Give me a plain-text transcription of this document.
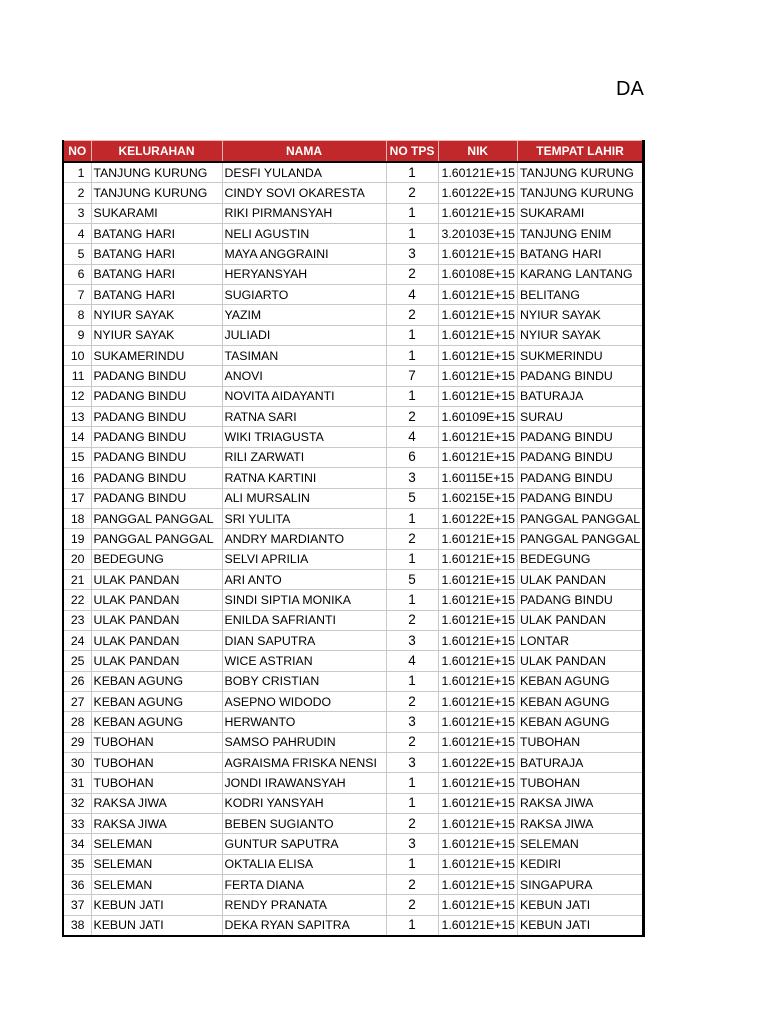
DA
NO	KELURAHAN	NAMA	NO TPS	NIK	TEMPAT LAHIR
1	TANJUNG KURUNG	DESFI YULANDA	1	1.60121E+15	TANJUNG KURUNG
2	TANJUNG KURUNG	CINDY SOVI OKARESTA	2	1.60122E+15	TANJUNG KURUNG
3	SUKARAMI	RIKI PIRMANSYAH	1	1.60121E+15	SUKARAMI
4	BATANG HARI	NELI AGUSTIN	1	3.20103E+15	TANJUNG ENIM
5	BATANG HARI	MAYA ANGGRAINI	3	1.60121E+15	BATANG HARI
6	BATANG HARI	HERYANSYAH	2	1.60108E+15	KARANG LANTANG
7	BATANG HARI	SUGIARTO	4	1.60121E+15	BELITANG
8	NYIUR SAYAK	YAZIM	2	1.60121E+15	NYIUR SAYAK
9	NYIUR SAYAK	JULIADI	1	1.60121E+15	NYIUR SAYAK
10	SUKAMERINDU	TASIMAN	1	1.60121E+15	SUKMERINDU
11	PADANG BINDU	ANOVI	7	1.60121E+15	PADANG BINDU
12	PADANG BINDU	NOVITA AIDAYANTI	1	1.60121E+15	BATURAJA
13	PADANG BINDU	RATNA SARI	2	1.60109E+15	SURAU
14	PADANG BINDU	WIKI TRIAGUSTA	4	1.60121E+15	PADANG BINDU
15	PADANG BINDU	RILI ZARWATI	6	1.60121E+15	PADANG BINDU
16	PADANG BINDU	RATNA KARTINI	3	1.60115E+15	PADANG BINDU
17	PADANG BINDU	ALI MURSALIN	5	1.60215E+15	PADANG BINDU
18	PANGGAL PANGGAL	SRI YULITA	1	1.60122E+15	PANGGAL PANGGAL
19	PANGGAL PANGGAL	ANDRY MARDIANTO	2	1.60121E+15	PANGGAL PANGGAL
20	BEDEGUNG	SELVI APRILIA	1	1.60121E+15	BEDEGUNG
21	ULAK PANDAN	ARI ANTO	5	1.60121E+15	ULAK PANDAN
22	ULAK PANDAN	SINDI SIPTIA MONIKA	1	1.60121E+15	PADANG BINDU
23	ULAK PANDAN	ENILDA SAFRIANTI	2	1.60121E+15	ULAK PANDAN
24	ULAK PANDAN	DIAN SAPUTRA	3	1.60121E+15	LONTAR
25	ULAK PANDAN	WICE ASTRIAN	4	1.60121E+15	ULAK PANDAN
26	KEBAN AGUNG	BOBY CRISTIAN	1	1.60121E+15	KEBAN AGUNG
27	KEBAN AGUNG	ASEPNO WIDODO	2	1.60121E+15	KEBAN AGUNG
28	KEBAN AGUNG	HERWANTO	3	1.60121E+15	KEBAN AGUNG
29	TUBOHAN	SAMSO PAHRUDIN	2	1.60121E+15	TUBOHAN
30	TUBOHAN	AGRAISMA FRISKA NENSI	3	1.60122E+15	BATURAJA
31	TUBOHAN	JONDI IRAWANSYAH	1	1.60121E+15	TUBOHAN
32	RAKSA JIWA	KODRI YANSYAH	1	1.60121E+15	RAKSA JIWA
33	RAKSA JIWA	BEBEN SUGIANTO	2	1.60121E+15	RAKSA JIWA
34	SELEMAN	GUNTUR SAPUTRA	3	1.60121E+15	SELEMAN
35	SELEMAN	OKTALIA ELISA	1	1.60121E+15	KEDIRI
36	SELEMAN	FERTA DIANA	2	1.60121E+15	SINGAPURA
37	KEBUN JATI	RENDY PRANATA	2	1.60121E+15	KEBUN JATI
38	KEBUN JATI	DEKA RYAN SAPITRA	1	1.60121E+15	KEBUN JATI
